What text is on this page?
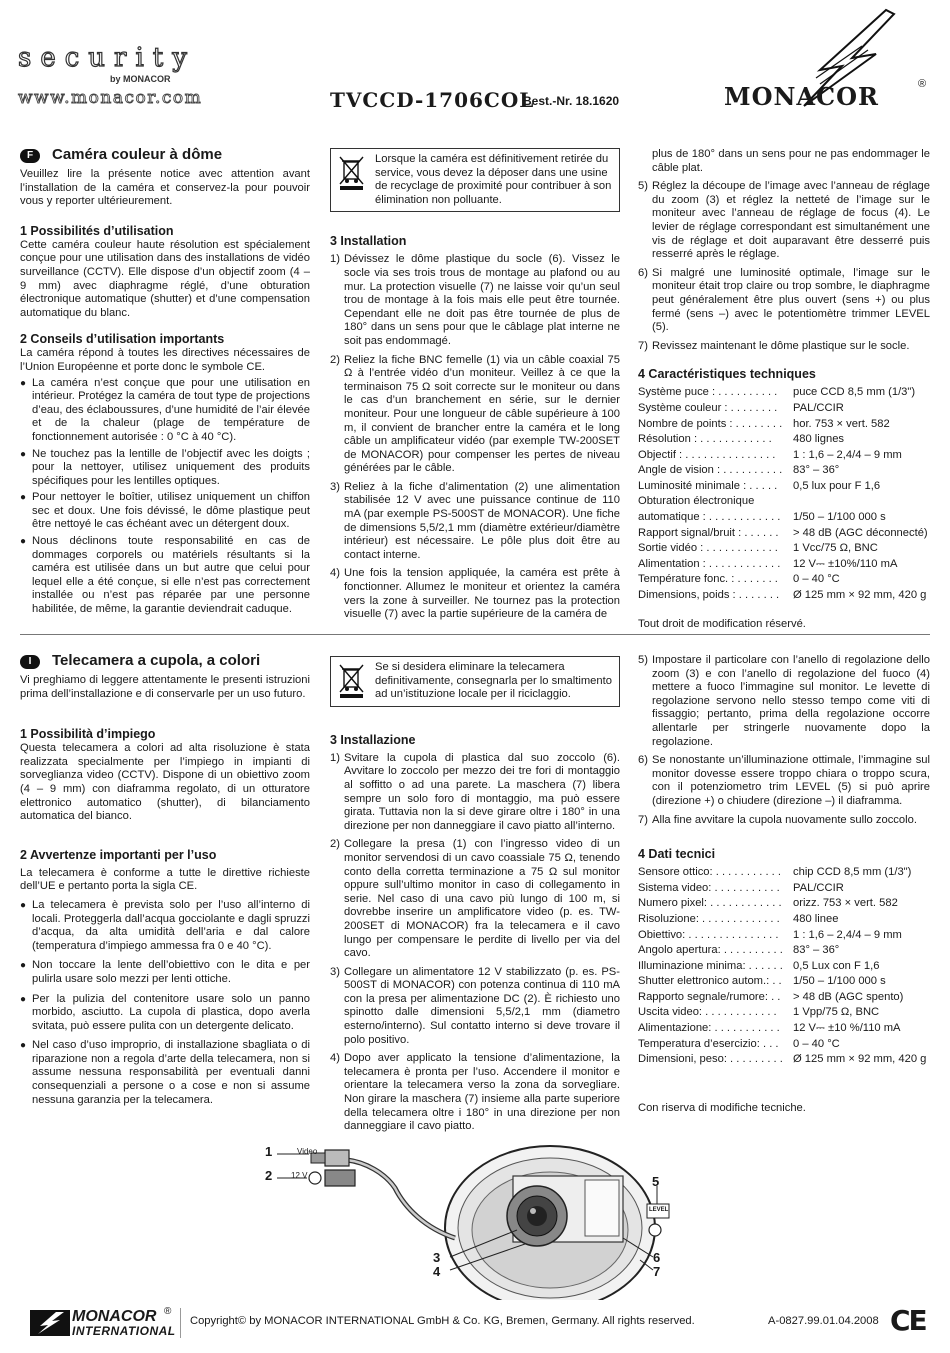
security
by MONACOR
www.monacor.com	TVCCD-1706COL
Best.-Nr. 18.1620	MONACOR	®
F Caméra couleur à dôme

Veuillez lire la présente notice avec attention avant l’installation de la caméra et conservez-la pour pouvoir vous y reporter ultérieurement.

1 Possibilités d’utilisation

Cette caméra couleur haute résolution est spécialement conçue pour une utilisation dans des installations de vidéo surveillance (CCTV). Elle dispose d’un objectif zoom (4 – 9 mm) avec diaphragme réglé, d’une obturation électronique automatique (shutter) et d’une compensation automatique du blanc.

2 Conseils d’utilisation importants

La caméra répond à toutes les directives nécessaires de l’Union Européenne et porte donc le symbole CE.

● La caméra n’est conçue que pour une utilisation en intérieur. Protégez la caméra de tout type de projections d’eau, des éclaboussures, d’une humidité de l’air élevée et de la chaleur (plage de température de fonctionnement autorisée : 0 °C à 40 °C).
● Ne touchez pas la lentille de l’objectif avec les doigts ; pour la nettoyer, utilisez uniquement des produits spécifiques pour les lentilles optiques.
● Pour nettoyer le boîtier, utilisez uniquement un chiffon sec et doux. Une fois dévissé, le dôme plastique peut être nettoyé le cas échéant avec un détergent doux.
● Nous déclinons toute responsabilité en cas de dommages corporels ou matériels résultants si la caméra est utilisée dans un but autre que celui pour lequel elle a été conçue, si elle n’est pas correctement installée ou n’est pas réparée par une personne habilitée, de même, la garantie deviendrait caduque.
Lorsque la caméra est définitivement retirée du service, vous devez la déposer dans une usine de recyclage de proximité pour contribuer à son élimination non polluante.
3 Installation
1) Dévissez le dôme plastique du socle (6). Vissez le socle via ses trois trous de montage au plafond ou au mur. La protection visuelle (7) ne laisse voir qu’un seul trou de montage à la fois mais elle peut être tournée. Cependant elle ne doit pas être tournée de plus de 180° dans un sens pour que le câblage plat interne ne soit pas endommagé.
2) Reliez la fiche BNC femelle (1) via un câble coaxial 75 Ω à l’entrée vidéo d’un moniteur. Veillez à ce que la terminaison 75 Ω soit correcte sur le moniteur ou dans le cas d’un branchement en série, sur le dernier moniteur. Pour une longueur de câble supérieure à 100 m, il convient de brancher entre la caméra et le long câble un amplificateur vidéo (par exemple TW-200SET de MONACOR) pour compenser les pertes de niveau générées par le câble.
3) Reliez à la fiche d’alimentation (2) une alimentation stabilisée 12 V avec une puissance continue de 110 mA (par exemple PS-500ST de MONACOR). Une fiche de dimensions 5,5/2,1 mm (diamètre extérieur/diamètre intérieur) est nécessaire. Le pôle plus doit être au contact interne.
4) Une fois la tension appliquée, la caméra est prête à fonctionner. Allumez le moniteur et orientez la caméra vers la zone à surveiller. Ne tournez pas la protection visuelle (7) avec la partie supérieure de la caméra de
plus de 180° dans un sens pour ne pas endommager le câble plat.
5) Réglez la découpe de l’image avec l’anneau de réglage du zoom (3) et réglez la netteté de l’image sur le moniteur avec l’anneau de réglage de focus (4). Le levier de réglage correspondant est simultanément une vis de réglage et doit auparavant être desserré puis resserré après le réglage.
6) Si malgré une luminosité optimale, l’image sur le moniteur était trop claire ou trop sombre, le diaphragme peut généralement être plus ouvert (sens +) ou plus fermé (sens –) avec le potentiomètre trimmer LEVEL (5).
7) Revissez maintenant le dôme plastique sur le socle.
4 Caractéristiques techniques
Système puce : . . . . . . . . . .	puce CCD 8,5 mm (1/3")
Système couleur : . . . . . . . .	PAL/CCIR
Nombre de points : . . . . . . . .	hor. 753 × vert. 582
Résolution : . . . . . . . . . . . .	480 lignes
Objectif : . . . . . . . . . . . . . . .	1 : 1,6 – 2,4/4 – 9 mm
Angle de vision : . . . . . . . . . .	83° – 36°
Luminosité minimale : . . . . .	0,5 lux pour F 1,6
Obturation électronique	
automatique : . . . . . . . . . . . .	1/50 – 1/100 000 s
Rapport signal/bruit : . . . . . .	> 48 dB (AGC déconnecté)
Sortie vidéo : . . . . . . . . . . . .	1 Vcc/75 Ω, BNC
Alimentation : . . . . . . . . . . . .	12 V⎓ ±10%/110 mA
Température fonc. : . . . . . . .	0 – 40 °C
Dimensions, poids : . . . . . . .	Ø 125 mm × 92 mm, 420 g

Tout droit de modification réservé.

I Telecamera a cupola, a colori

Vi preghiamo di leggere attentamente le presenti istruzioni prima dell’installazione e di conservarle per un uso futuro.

1 Possibilità d’impiego

Questa telecamera a colori ad alta risoluzione è stata realizzata specialmente per l’impiego in impianti di sorveglianza video (CCTV). Dispone di un obiettivo zoom (4 – 9 mm) con diaframma regolato, di un otturatore elettronico automatico (shutter), di bilanciamento automatica del bianco.

2 Avvertenze importanti per l’uso

La telecamera è conforme a tutte le direttive richieste dell’UE e pertanto porta la sigla CE.

● La telecamera è prevista solo per l’uso all’interno di locali. Proteggerla dall’acqua gocciolante e dagli spruzzi d’acqua, da alta umidità dell’aria e dal calore (temperatura d’impiego ammessa fra 0 e 40 °C).
● Non toccare la lente dell’obiettivo con le dita e per pulirla usare solo mezzi per lenti ottiche.
● Per la pulizia del contenitore usare solo un panno morbido, asciutto. La cupola di plastica, dopo averla svitata, può essere pulita con un detergente delicato.
● Nel caso d’uso improprio, di installazione sbagliata o di riparazione non a regola d’arte della telecamera, non si assume nessuna responsabilità per eventuali danni consequenziali a persone o a cose e non si assume nessuna garanzia per la telecamera.
Se si desidera eliminare la telecamera definitivamente, consegnarla per lo smaltimento ad un’istituzione locale per il riciclaggio.
3 Installazione
1) Svitare la cupola di plastica dal suo zoccolo (6). Avvitare lo zoccolo per mezzo dei tre fori di montaggio al soffitto o ad una parete. La maschera (7) libera sempre un solo foro di montaggio, ma può essere girata. Tuttavia non la si deve girare oltre i 180° in una direzione per non danneggiare il cavo piatto all’interno.
2) Collegare la presa (1) con l’ingresso video di un monitor servendosi di un cavo coassiale 75 Ω, tenendo conto della corretta terminazione a 75 Ω sul monitor oppure sull’ultimo monitor in caso di collegamento in serie. Nel caso di una cavo più lungo di 100 m, si dovrebbe inserire un amplificatore video (p. es. TW-200SET di MONACOR) fra la telecamera e il cavo lungo per compensare le perdite di livello per via del cavo.
3) Collegare un alimentatore 12 V stabilizzato (p. es. PS-500ST di MONACOR) con potenza continua di 110 mA con la presa per alimentazione DC (2). È richiesto uno spinotto dalle dimensioni 5,5/2,1 mm (diametro esterno/interno). Sul contatto interno si deve trovare il polo positivo.
4) Dopo aver applicato la tensione d’alimentazione, la telecamera è pronta per l’uso. Accendere il monitor e orientare la telecamera verso la zona da sorvegliare. Non girare la maschera (7) insieme alla parte superiore della telecamera oltre i 180° in una direzione per non danneggiare il cavo piatto.
5) Impostare il particolare con l’anello di regolazione dello zoom (3) e con l’anello di regolazione del fuoco (4) mettere a fuoco l’immagine sul monitor. Le levette di regolazione servono nello stesso tempo come viti di fissaggio; pertanto, prima della regolazione occorre allentarle per stringerle nuovamente dopo la regolazione.
6) Se nonostante un’illuminazione ottimale, l’immagine sul monitor dovesse essere troppo chiara o troppo scura, con il potenziometro trim LEVEL (5) si può aprire (direzione +) o chiudere (direzione –) il diaframma.
7) Alla fine avvitare la cupola nuovamente sullo zoccolo.
4 Dati tecnici
Sensore ottico: . . . . . . . . . . .	chip CCD 8,5 mm (1/3")
Sistema video: . . . . . . . . . . .	PAL/CCIR
Numero pixel: . . . . . . . . . . . .	orizz. 753 × vert. 582
Risoluzione: . . . . . . . . . . . . .	480 linee
Obiettivo: . . . . . . . . . . . . . . .	1 : 1,6 – 2,4/4 – 9 mm
Angolo apertura: . . . . . . . . . .	83° – 36°
Illuminazione minima: . . . . . .	0,5 Lux con F 1,6
Shutter elettronico autom.: . .	1/50 – 1/100 000 s
Rapporto segnale/rumore: . .	> 48 dB (AGC spento)
Uscita video: . . . . . . . . . . . .	1 Vpp/75 Ω, BNC
Alimentazione: . . . . . . . . . . .	12 V⎓ ±10 %/110 mA
Temperatura d’esercizio: . . .	0 – 40 °C
Dimensioni, peso: . . . . . . . . .	Ø 125 mm × 92 mm, 420 g

Con riserva di modifiche tecniche.

1
2
3
4
5
6
7
Video
12 V
LEVEL
MONACOR ®
INTERNATIONAL
Copyright© by MONACOR INTERNATIONAL GmbH & Co. KG, Bremen, Germany. All rights reserved.	A-0827.99.01.04.2008 CE
